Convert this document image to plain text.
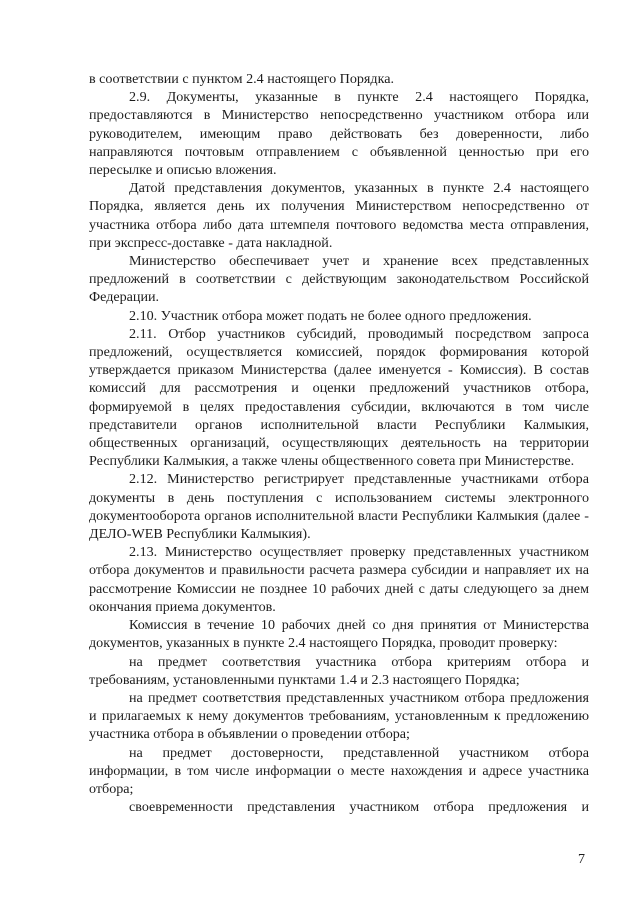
в соответствии с пунктом 2.4 настоящего Порядка.

2.9. Документы, указанные в пункте 2.4 настоящего Порядка, предоставляются в Министерство непосредственно участником отбора или руководителем, имеющим право действовать без доверенности, либо направляются почтовым отправлением с объявленной ценностью при его пересылке и описью вложения.

Датой представления документов, указанных в пункте 2.4 настоящего Порядка, является день их получения Министерством непосредственно от участника отбора либо дата штемпеля почтового ведомства места отправления, при экспресс-доставке - дата накладной.

Министерство обеспечивает учет и хранение всех представленных предложений в соответствии с действующим законодательством Российской Федерации.

2.10. Участник отбора может подать не более одного предложения.

2.11. Отбор участников субсидий, проводимый посредством запроса предложений, осуществляется комиссией, порядок формирования которой утверждается приказом Министерства (далее именуется - Комиссия). В состав комиссий для рассмотрения и оценки предложений участников отбора, формируемой в целях предоставления субсидии, включаются в том числе представители органов исполнительной власти Республики Калмыкия, общественных организаций, осуществляющих деятельность на территории Республики Калмыкия, а также члены общественного совета при Министерстве.

2.12. Министерство регистрирует представленные участниками отбора документы в день поступления с использованием системы электронного документооборота органов исполнительной власти Республики Калмыкия (далее - ДЕЛО-WEB Республики Калмыкия).

2.13. Министерство осуществляет проверку представленных участником отбора документов и правильности расчета размера субсидии и направляет их на рассмотрение Комиссии не позднее 10 рабочих дней с даты следующего за днем окончания приема документов.

Комиссия в течение 10 рабочих дней со дня принятия от Министерства документов, указанных в пункте 2.4 настоящего Порядка, проводит проверку:

на предмет соответствия участника отбора критериям отбора и требованиям, установленными пунктами 1.4 и 2.3 настоящего Порядка;

на предмет соответствия представленных участником отбора предложения и прилагаемых к нему документов требованиям, установленным к предложению участника отбора в объявлении о проведении отбора;

на предмет достоверности, представленной участником отбора информации, в том числе информации о месте нахождения и адресе участника отбора;

своевременности представления участником отбора предложения и

7
